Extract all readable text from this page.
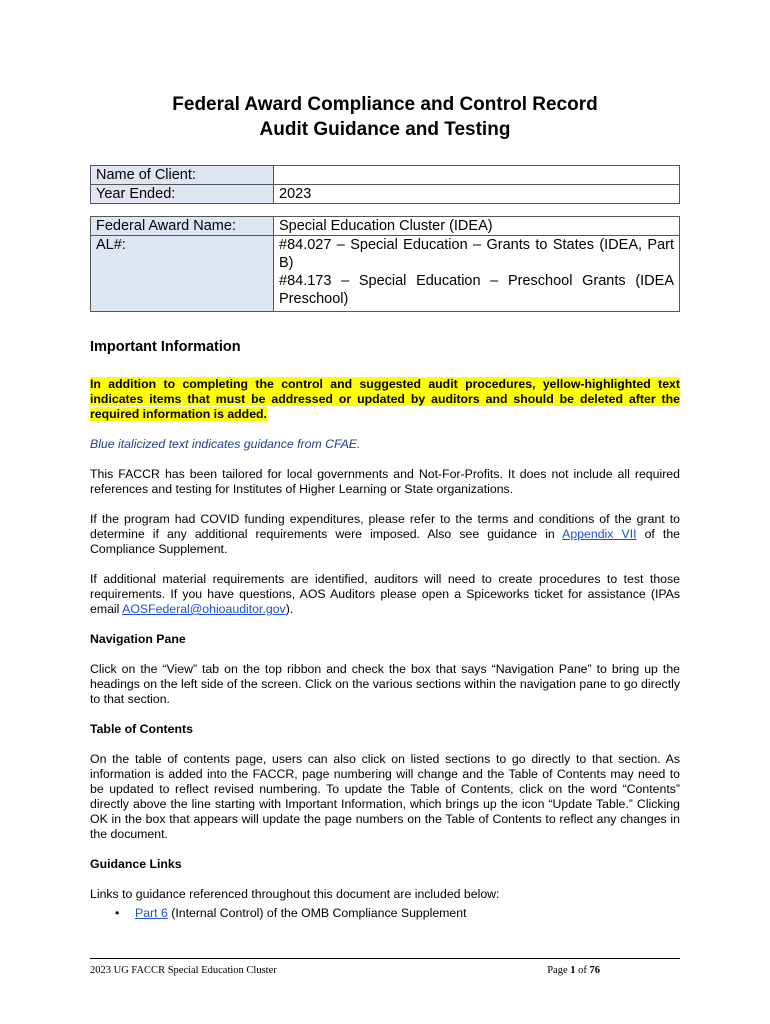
Federal Award Compliance and Control Record
Audit Guidance and Testing
Name of Client:	
Year Ended:	2023
Federal Award Name:	Special Education Cluster (IDEA)
AL#:	#84.027 – Special Education – Grants to States (IDEA, Part B)
#84.173 – Special Education – Preschool Grants (IDEA Preschool)
Important Information

In addition to completing the control and suggested audit procedures, yellow-highlighted text indicates items that must be addressed or updated by auditors and should be deleted after the required information is added.

Blue italicized text indicates guidance from CFAE.

This FACCR has been tailored for local governments and Not-For-Profits. It does not include all required references and testing for Institutes of Higher Learning or State organizations.

If the program had COVID funding expenditures, please refer to the terms and conditions of the grant to determine if any additional requirements were imposed. Also see guidance in Appendix VII of the Compliance Supplement.

If additional material requirements are identified, auditors will need to create procedures to test those requirements. If you have questions, AOS Auditors please open a Spiceworks ticket for assistance (IPAs email AOSFederal@ohioauditor.gov).

Navigation Pane

Click on the “View” tab on the top ribbon and check the box that says “Navigation Pane” to bring up the headings on the left side of the screen. Click on the various sections within the navigation pane to go directly to that section.

Table of Contents

On the table of contents page, users can also click on listed sections to go directly to that section. As information is added into the FACCR, page numbering will change and the Table of Contents may need to be updated to reflect revised numbering. To update the Table of Contents, click on the word “Contents” directly above the line starting with Important Information, which brings up the icon “Update Table.” Clicking OK in the box that appears will update the page numbers on the Table of Contents to reflect any changes in the document.

Guidance Links

Links to guidance referenced throughout this document are included below:

• Part 6 (Internal Control) of the OMB Compliance Supplement
2023 UG FACCR Special Education Cluster	Page 1 of 76
